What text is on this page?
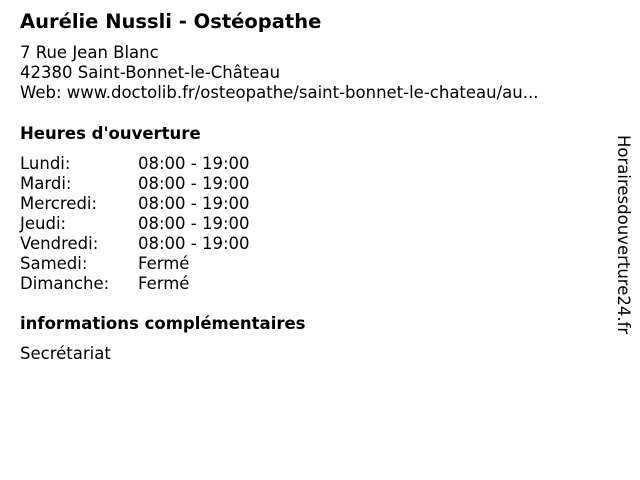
Aurélie Nussli - Ostéopathe
7 Rue Jean Blanc
42380 Saint-Bonnet-le-Château
Web: www.doctolib.fr/osteopathe/saint-bonnet-le-chateau/au...
Heures d'ouverture
Lundi:	08:00 - 19:00
Mardi:	08:00 - 19:00
Mercredi: 08:00 - 19:00
Jeudi:	08:00 - 19:00
Vendredi: 08:00 - 19:00
Samedi:	Fermé
Dimanche: Fermé
informations complémentaires
Secrétariat
Horairesdouverture24.fr
